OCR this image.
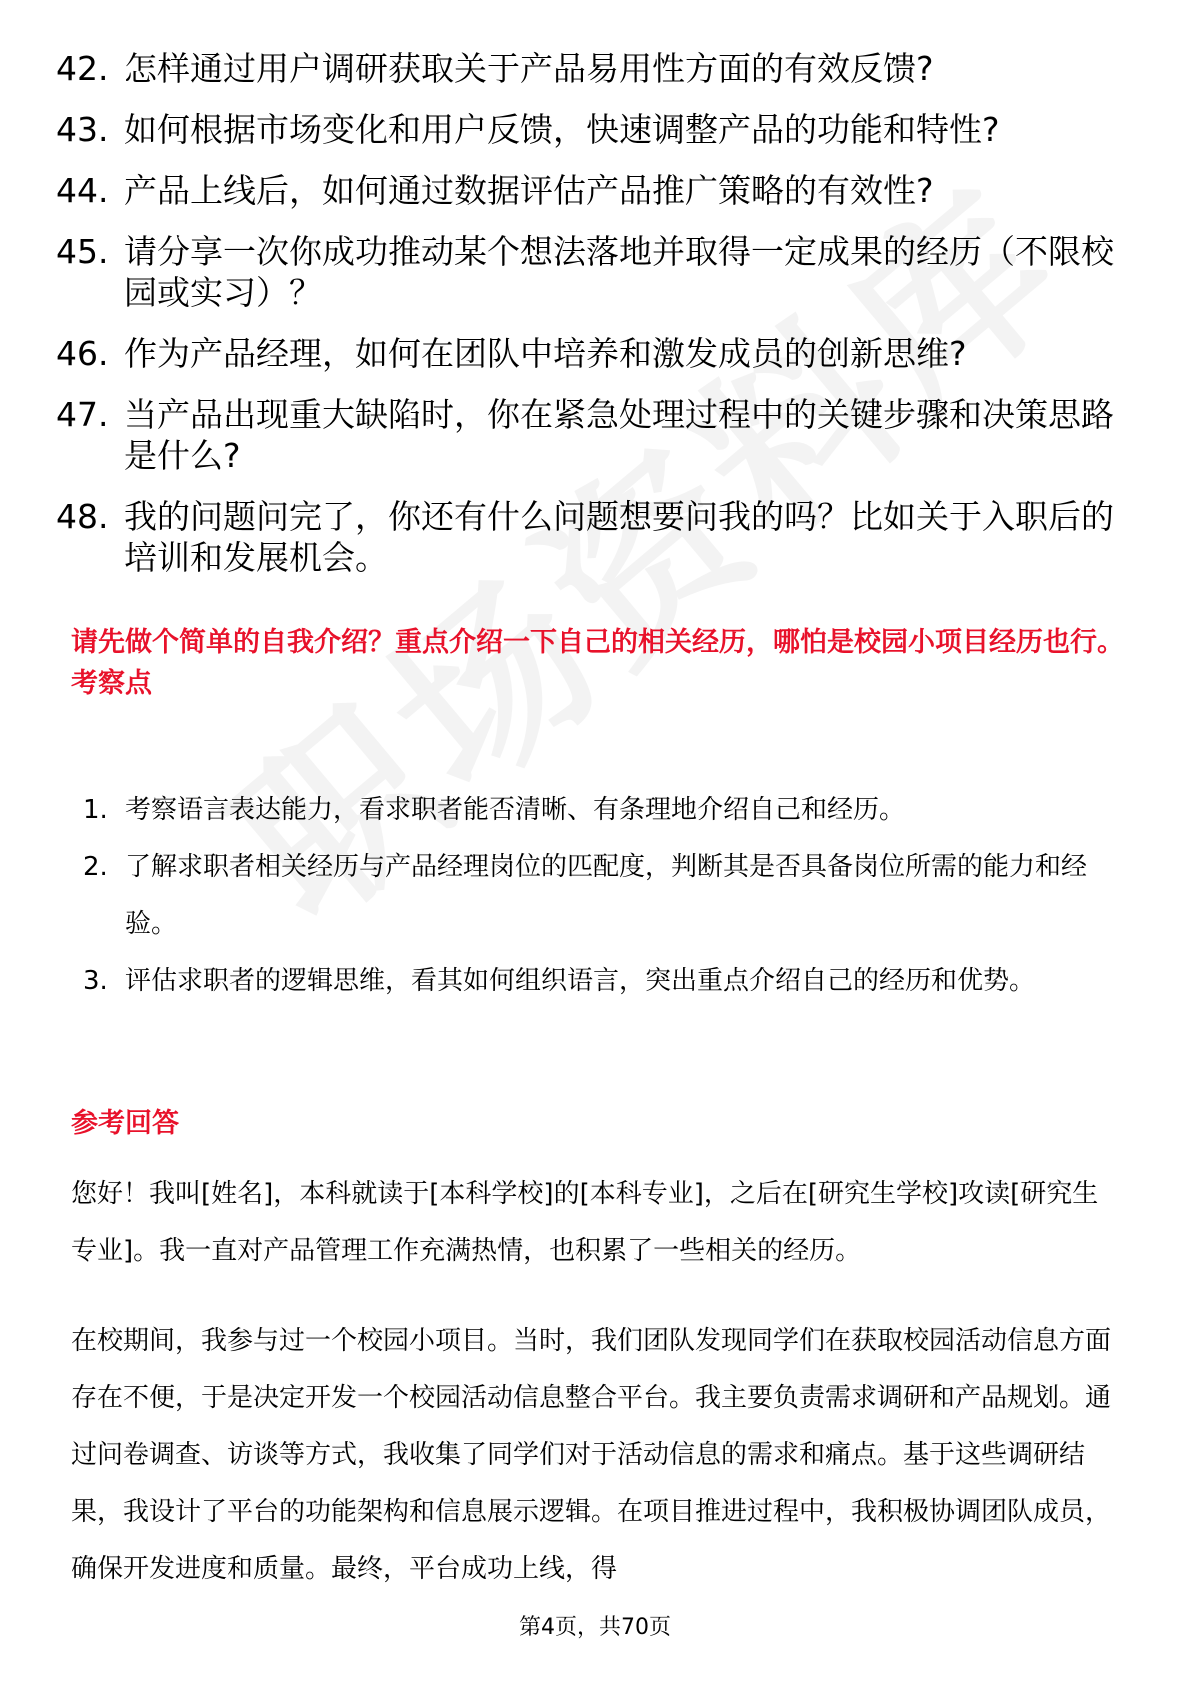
42. 怎样通过用户调研获取关于产品易用性方面的有效反馈?
43. 如何根据市场变化和用户反馈，快速调整产品的功能和特性?
44. 产品上线后，如何通过数据评估产品推广策略的有效性?
45. 请分享一次你成功推动某个想法落地并取得一定成果的经历（不限校园或实习）？
46. 作为产品经理，如何在团队中培养和激发成员的创新思维?
47. 当产品出现重大缺陷时，你在紧急处理过程中的关键步骤和决策思路是什么?
48. 我的问题问完了，你还有什么问题想要问我的吗？比如关于入职后的培训和发展机会。
请先做个简单的自我介绍？重点介绍一下自己的相关经历，哪怕是校园小项目经历也行。
考察点
1. 考察语言表达能力，看求职者能否清晰、有条理地介绍自己和经历。
2. 了解求职者相关经历与产品经理岗位的匹配度，判断其是否具备岗位所需的能力和经验。
3. 评估求职者的逻辑思维，看其如何组织语言，突出重点介绍自己的经历和优势。
参考回答
您好！我叫[姓名]，本科就读于[本科学校]的[本科专业]，之后在[研究生学校]攻读[研究生专业]。我一直对产品管理工作充满热情，也积累了一些相关的经历。
在校期间，我参与过一个校园小项目。当时，我们团队发现同学们在获取校园活动信息方面存在不便，于是决定开发一个校园活动信息整合平台。我主要负责需求调研和产品规划。通过问卷调查、访谈等方式，我收集了同学们对于活动信息的需求和痛点。基于这些调研结果，我设计了平台的功能架构和信息展示逻辑。在项目推进过程中，我积极协调团队成员，确保开发进度和质量。最终，平台成功上线，得
第4页，共70页
